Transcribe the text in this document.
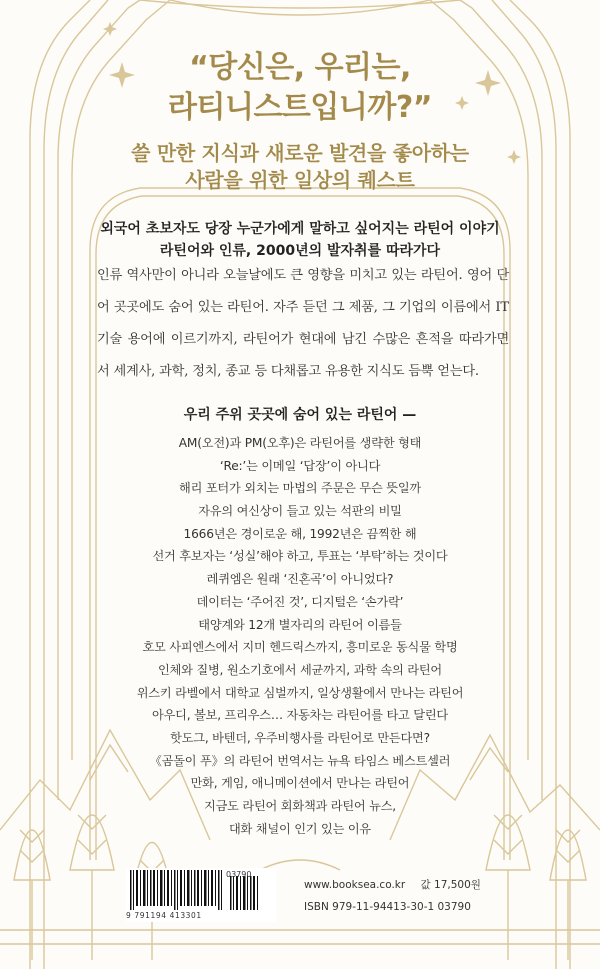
“당신은, 우리는,
라티니스트입니까?”
쓸 만한 지식과 새로운 발견을 좋아하는
사람을 위한 일상의 퀘스트
외국어 초보자도 당장 누군가에게 말하고 싶어지는 라틴어 이야기
라틴어와 인류, 2000년의 발자취를 따라가다

인류 역사만이 아니라 오늘날에도 큰 영향을 미치고 있는 라틴어. 영어 단어 곳곳에도 숨어 있는 라틴어. 자주 듣던 그 제품, 그 기업의 이름에서 IT 기술 용어에 이르기까지, 라틴어가 현대에 남긴 수많은 흔적을 따라가면서 세계사, 과학, 정치, 종교 등 다채롭고 유용한 지식도 듬뿍 얻는다.

우리 주위 곳곳에 숨어 있는 라틴어 —
AM(오전)과 PM(오후)은 라틴어를 생략한 형태
‘Re:’는 이메일 ‘답장’이 아니다
해리 포터가 외치는 마법의 주문은 무슨 뜻일까
자유의 여신상이 들고 있는 석판의 비밀
1666년은 경이로운 해, 1992년은 끔찍한 해
선거 후보자는 ‘성실’해야 하고, 투표는 ‘부탁’하는 것이다
레퀴엠은 원래 ‘진혼곡’이 아니었다?
데이터는 ‘주어진 것’, 디지털은 ‘손가락’
태양계와 12개 별자리의 라틴어 이름들
호모 사피엔스에서 지미 헨드릭스까지, 흥미로운 동식물 학명
인체와 질병, 원소기호에서 세균까지, 과학 속의 라틴어
위스키 라벨에서 대학교 심벌까지, 일상생활에서 만나는 라틴어
아우디, 볼보, 프리우스… 자동차는 라틴어를 타고 달린다
핫도그, 바텐더, 우주비행사를 라틴어로 만든다면?
《곰돌이 푸》의 라틴어 번역서는 뉴욕 타임스 베스트셀러
만화, 게임, 애니메이션에서 만나는 라틴어
지금도 라틴어 회화책과 라틴어 뉴스,
대화 채널이 인기 있는 이유
03790
9 791194 413301
www.booksea.co.kr 값 17,500원
ISBN 979-11-94413-30-1 03790
